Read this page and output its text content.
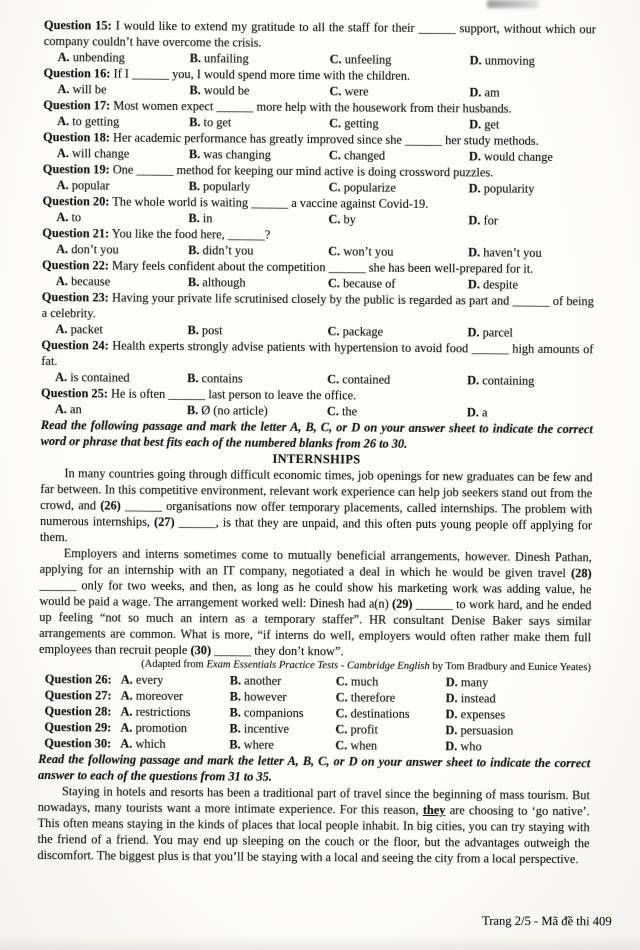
Question 15: I would like to extend my gratitude to all the staff for their ______ support, without which our company couldn’t have overcome the crisis.

A. unbending	B. unfailing	C. unfeeling	D. unmoving

Question 16: If I ______ you, I would spend more time with the children.

A. will be	B. would be	C. were	D. am

Question 17: Most women expect ______ more help with the housework from their husbands.

A. to getting	B. to get	C. getting	D. get

Question 18: Her academic performance has greatly improved since she ______ her study methods.

A. will change	B. was changing	C. changed	D. would change

Question 19: One ______ method for keeping our mind active is doing crossword puzzles.

A. popular	B. popularly	C. popularize	D. popularity

Question 20: The whole world is waiting ______ a vaccine against Covid-19.

A. to	B. in	C. by	D. for

Question 21: You like the food here, ______?

A. don’t you	B. didn’t you	C. won’t you	D. haven’t you

Question 22: Mary feels confident about the competition ______ she has been well-prepared for it.

A. because	B. although	C. because of	D. despite

Question 23: Having your private life scrutinised closely by the public is regarded as part and ______ of being a celebrity.

A. packet	B. post	C. package	D. parcel

Question 24: Health experts strongly advise patients with hypertension to avoid food ______ high amounts of fat.

A. is contained	B. contains	C. contained	D. containing

Question 25: He is often ______ last person to leave the office.

A. an	B. Ø (no article)	C. the	D. a

Read the following passage and mark the letter A, B, C, or D on your answer sheet to indicate the correct word or phrase that best fits each of the numbered blanks from 26 to 30.

INTERNSHIPS

In many countries going through difficult economic times, job openings for new graduates can be few and far between. In this competitive environment, relevant work experience can help job seekers stand out from the crowd, and (26) ______ organisations now offer temporary placements, called internships. The problem with numerous internships, (27) ______, is that they are unpaid, and this often puts young people off applying for them.

Employers and interns sometimes come to mutually beneficial arrangements, however. Dinesh Pathan, applying for an internship with an IT company, negotiated a deal in which he would be given travel (28) ______ only for two weeks, and then, as long as he could show his marketing work was adding value, he would be paid a wage. The arrangement worked well: Dinesh had a(n) (29) ______ to work hard, and he ended up feeling “not so much an intern as a temporary staffer”. HR consultant Denise Baker says similar arrangements are common. What is more, “if interns do well, employers would often rather make them full employees than recruit people (30) ______ they don’t know”.

(Adapted from Exam Essentials Practice Tests - Cambridge English by Tom Bradbury and Eunice Yeates)

Question 26: A. every	B. another	C. much	D. many
Question 27: A. moreover	B. however	C. therefore	D. instead
Question 28: A. restrictions	B. companions	C. destinations	D. expenses
Question 29: A. promotion	B. incentive	C. profit	D. persuasion
Question 30: A. which	B. where	C. when	D. who

Read the following passage and mark the letter A, B, C, or D on your answer sheet to indicate the correct answer to each of the questions from 31 to 35.

Staying in hotels and resorts has been a traditional part of travel since the beginning of mass tourism. But nowadays, many tourists want a more intimate experience. For this reason, they are choosing to ‘go native’. This often means staying in the kinds of places that local people inhabit. In big cities, you can try staying with the friend of a friend. You may end up sleeping on the couch or the floor, but the advantages outweigh the discomfort. The biggest plus is that you’ll be staying with a local and seeing the city from a local perspective.

Trang 2/5 - Mã đề thi 409
